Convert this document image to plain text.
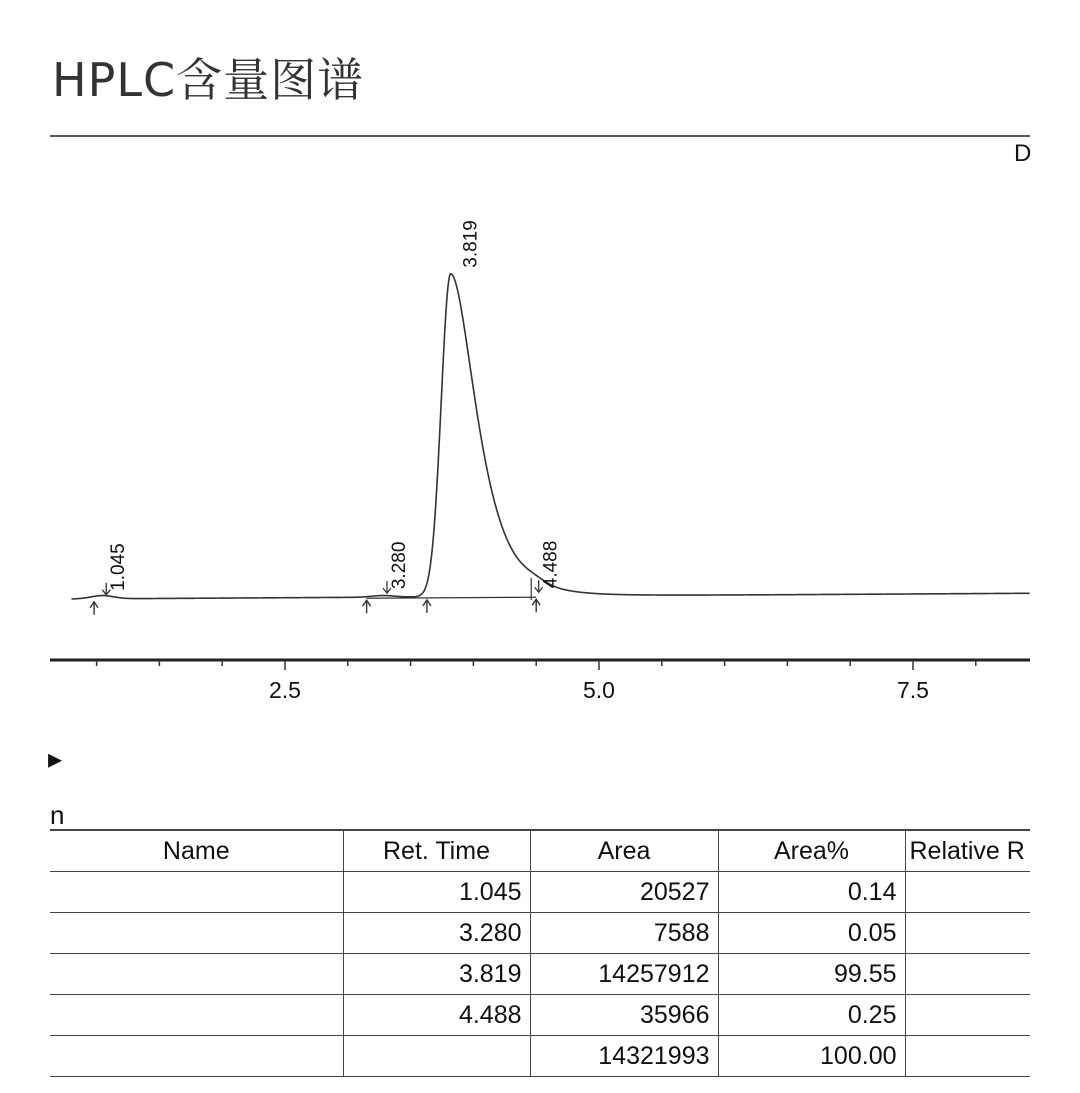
HPLC含量图谱
D
1.045	3.280
3.819
4.488
2.5	5.0	7.5
▸
n
Name	Ret. Time	Area	Area%	Relative R
	1.045	20527	0.14	
	3.280	7588	0.05	
	3.819	14257912	99.55	
	4.488	35966	0.25	
		14321993	100.00	
